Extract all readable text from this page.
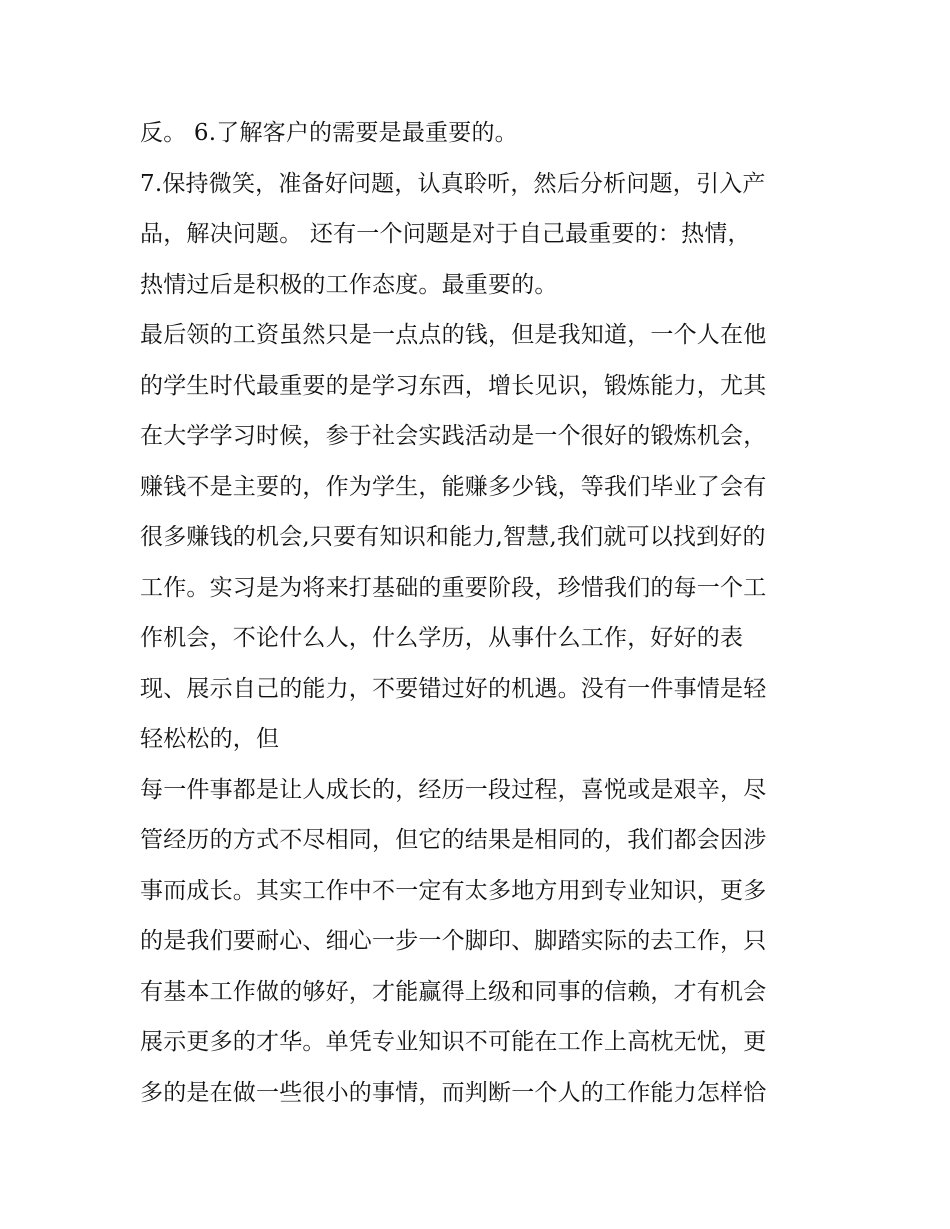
反。 6.了解客户的需要是最重要的。
7.保持微笑，准备好问题，认真聆听，然后分析问题，引入产
品，解决问题。 还有一个问题是对于自己最重要的：热情，
热情过后是积极的工作态度。最重要的。
最后领的工资虽然只是一点点的钱，但是我知道，一个人在他
的学生时代最重要的是学习东西，增长见识，锻炼能力，尤其
在大学学习时候，参于社会实践活动是一个很好的锻炼机会，
赚钱不是主要的，作为学生，能赚多少钱，等我们毕业了会有
很多赚钱的机会,只要有知识和能力,智慧,我们就可以找到好的
工作。实习是为将来打基础的重要阶段，珍惜我们的每一个工
作机会，不论什么人，什么学历，从事什么工作，好好的表
现、展示自己的能力，不要错过好的机遇。没有一件事情是轻
轻松松的，但
每一件事都是让人成长的，经历一段过程，喜悦或是艰辛，尽
管经历的方式不尽相同，但它的结果是相同的，我们都会因涉
事而成长。其实工作中不一定有太多地方用到专业知识，更多
的是我们要耐心、细心一步一个脚印、脚踏实际的去工作，只
有基本工作做的够好，才能赢得上级和同事的信赖，才有机会
展示更多的才华。单凭专业知识不可能在工作上高枕无忧，更
多的是在做一些很小的事情，而判断一个人的工作能力怎样恰
